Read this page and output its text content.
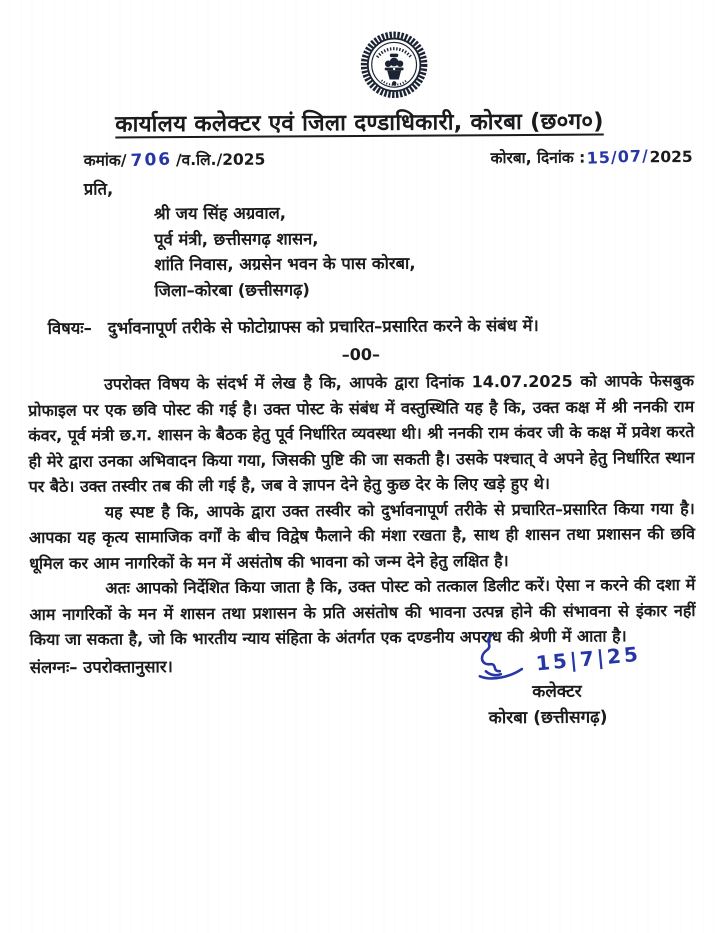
कार्यालय कलेक्टर एवं जिला दण्डाधिकारी, कोरबा (छ०ग०)
कमांक/ 706 /व.लि./2025	कोरबा, दिनांक :15/07/2025
प्रति,
श्री जय सिंह अग्रवाल,
पूर्व मंत्री, छत्तीसगढ़ शासन,
शांति निवास, अग्रसेन भवन के पास कोरबा,
जिला–कोरबा (छत्तीसगढ़)
विषयः– दुर्भावनापूर्ण तरीके से फोटोग्राफ्स को प्रचारित–प्रसारित करने के संबंध में।
–00–

उपरोक्त विषय के संदर्भ में लेख है कि, आपके द्वारा दिनांक 14.07.2025 को आपके फेसबुक प्रोफाइल पर एक छवि पोस्ट की गई है। उक्त पोस्ट के संबंध में वस्तुस्थिति यह है कि, उक्त कक्ष में श्री ननकी राम कंवर, पूर्व मंत्री छ.ग. शासन के बैठक हेतु पूर्व निर्धारित व्यवस्था थी। श्री ननकी राम कंवर जी के कक्ष में प्रवेश करते ही मेरे द्वारा उनका अभिवादन किया गया, जिसकी पुष्टि की जा सकती है। उसके पश्चात् वे अपने हेतु निर्धारित स्थान पर बैठे। उक्त तस्वीर तब की ली गई है, जब वे ज्ञापन देने हेतु कुछ देर के लिए खड़े हुए थे।

यह स्पष्ट है कि, आपके द्वारा उक्त तस्वीर को दुर्भावनापूर्ण तरीके से प्रचारित–प्रसारित किया गया है। आपका यह कृत्य सामाजिक वर्गों के बीच विद्वेष फैलाने की मंशा रखता है, साथ ही शासन तथा प्रशासन की छवि धूमिल कर आम नागरिकों के मन में असंतोष की भावना को जन्म देने हेतु लक्षित है।

अतः आपको निर्देशित किया जाता है कि, उक्त पोस्ट को तत्काल डिलीट करें। ऐसा न करने की दशा में आम नागरिकों के मन में शासन तथा प्रशासन के प्रति असंतोष की भावना उत्पन्न होने की संभावना से इंकार नहीं किया जा सकता है, जो कि भारतीय न्याय संहिता के अंतर्गत एक दण्डनीय अपराध की श्रेणी में आता है।

संलग्नः– उपरोक्तानुसार।	15|7|25
कलेक्टर
कोरबा (छत्तीसगढ़)
